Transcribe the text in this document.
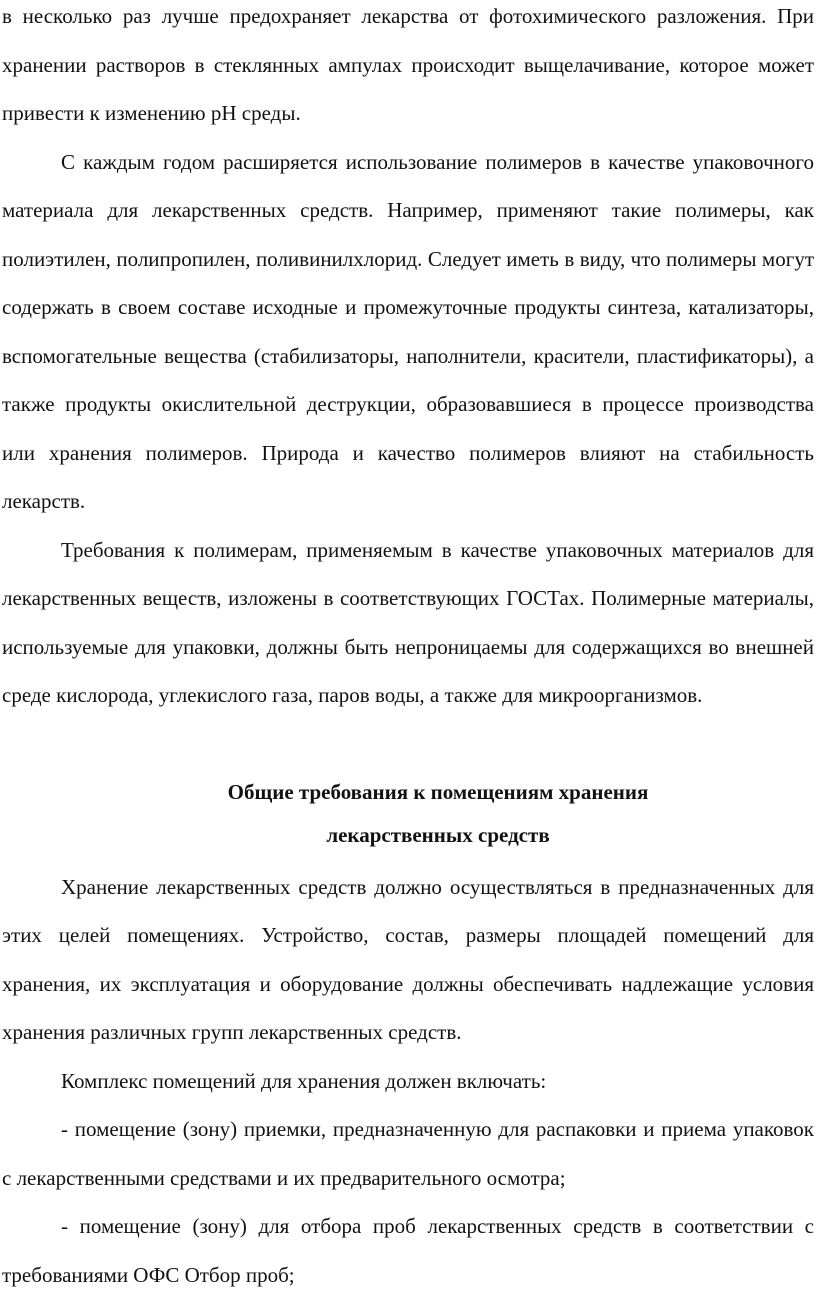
в несколько раз лучше предохраняет лекарства от фотохимического разложения. При хранении растворов в стеклянных ампулах происходит выщелачивание, которое может привести к изменению pH среды.

С каждым годом расширяется использование полимеров в качестве упаковочного материала для лекарственных средств. Например, применяют такие полимеры, как полиэтилен, полипропилен, поливинилхлорид. Следует иметь в виду, что полимеры могут содержать в своем составе исходные и промежуточные продукты синтеза, катализаторы, вспомогательные вещества (стабилизаторы, наполнители, красители, пластификаторы), а также продукты окислительной деструкции, образовавшиеся в процессе производства или хранения полимеров. Природа и качество полимеров влияют на стабильность лекарств.

Требования к полимерам, применяемым в качестве упаковочных материалов для лекарственных веществ, изложены в соответствующих ГОСТах. Полимерные материалы, используемые для упаковки, должны быть непроницаемы для содержащихся во внешней среде кислорода, углекислого газа, паров воды, а также для микроорганизмов.

Общие требования к помещениям хранения
лекарственных средств

Хранение лекарственных средств должно осуществляться в предназначенных для этих целей помещениях. Устройство, состав, размеры площадей помещений для хранения, их эксплуатация и оборудование должны обеспечивать надлежащие условия хранения различных групп лекарственных средств.

Комплекс помещений для хранения должен включать:

- помещение (зону) приемки, предназначенную для распаковки и приема упаковок с лекарственными средствами и их предварительного осмотра;

- помещение (зону) для отбора проб лекарственных средств в соответствии с требованиями ОФС Отбор проб;
